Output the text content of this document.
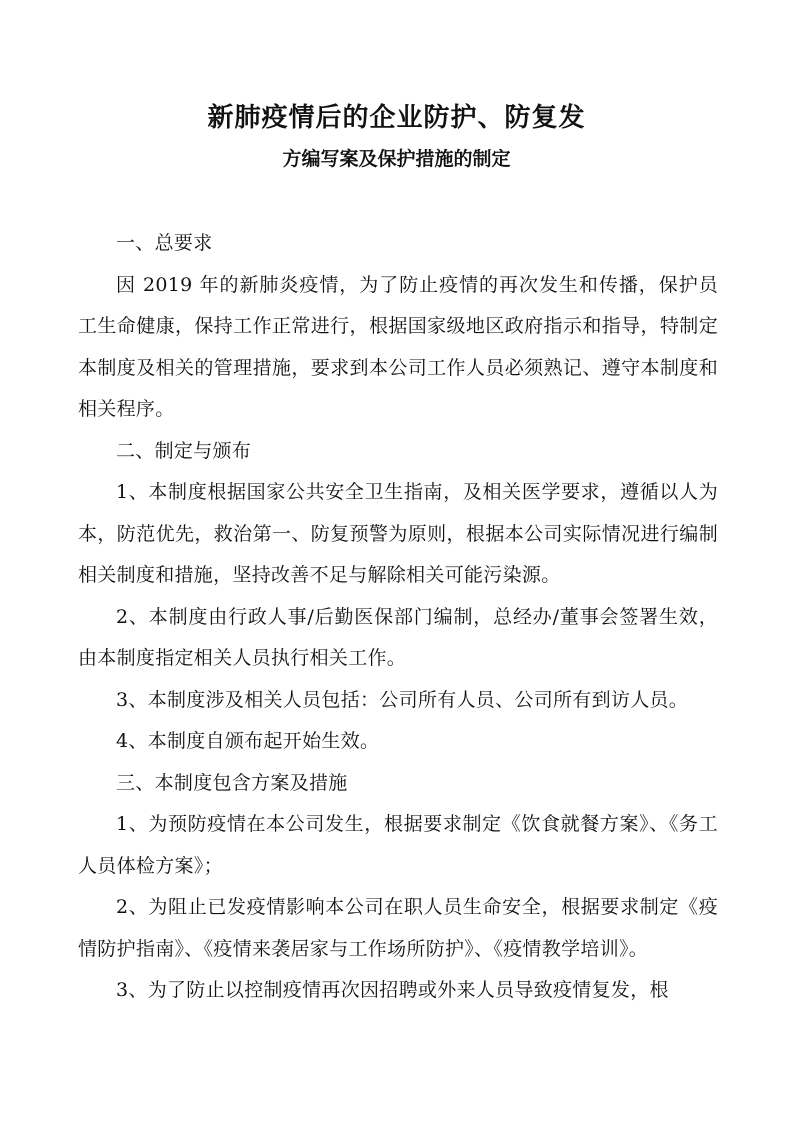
新肺疫情后的企业防护、防复发
方编写案及保护措施的制定

一、总要求

因 2019 年的新肺炎疫情，为了防止疫情的再次发生和传播，保护员工生命健康，保持工作正常进行，根据国家级地区政府指示和指导，特制定本制度及相关的管理措施，要求到本公司工作人员必须熟记、遵守本制度和相关程序。

二、制定与颁布

1、本制度根据国家公共安全卫生指南，及相关医学要求，遵循以人为本，防范优先，救治第一、防复预警为原则，根据本公司实际情况进行编制相关制度和措施，坚持改善不足与解除相关可能污染源。

2、本制度由行政人事/后勤医保部门编制，总经办/董事会签署生效，由本制度指定相关人员执行相关工作。

3、本制度涉及相关人员包括：公司所有人员、公司所有到访人员。

4、本制度自颁布起开始生效。

三、本制度包含方案及措施

1、为预防疫情在本公司发生，根据要求制定《饮食就餐方案》、《务工人员体检方案》；

2、为阻止已发疫情影响本公司在职人员生命安全，根据要求制定《疫情防护指南》、《疫情来袭居家与工作场所防护》、《疫情教学培训》。

3、为了防止以控制疫情再次因招聘或外来人员导致疫情复发，根
